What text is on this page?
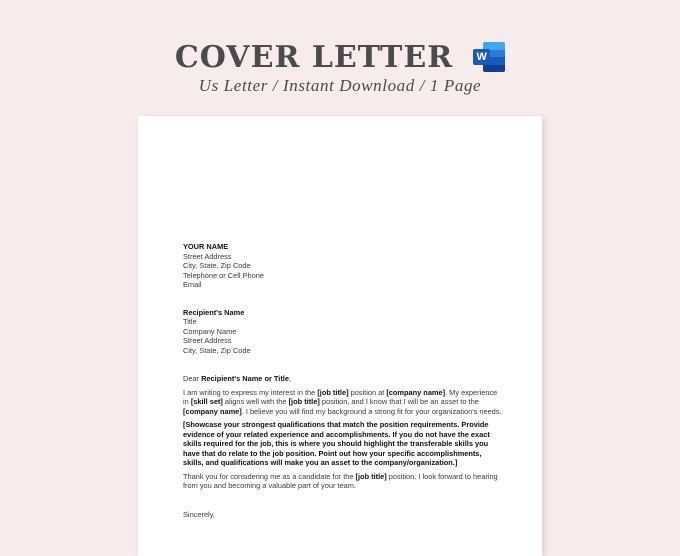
COVER LETTER W
Us Letter / Instant Download / 1 Page
YOUR NAME
Street Address
City, State, Zip Code
Telephone or Cell Phone
Email
Recipient's Name
Title
Company Name
Street Address
City, State, Zip Code

Dear Recipient's Name or Title,

I am writing to express my interest in the [job title] position at [company name]. My experience in [skill set] aligns well with the [job title] position, and I know that I will be an asset to the [company name]. I believe you will find my background a strong fit for your organization's needs.

[Showcase your strongest qualifications that match the position requirements. Provide evidence of your related experience and accomplishments. If you do not have the exact skills required for the job, this is where you should highlight the transferable skills you have that do relate to the job position. Point out how your specific accomplishments, skills, and qualifications will make you an asset to the company/organization.]

Thank you for considering me as a candidate for the [job title] position. I look forward to hearing from you and becoming a valuable part of your team.

Sincerely,
